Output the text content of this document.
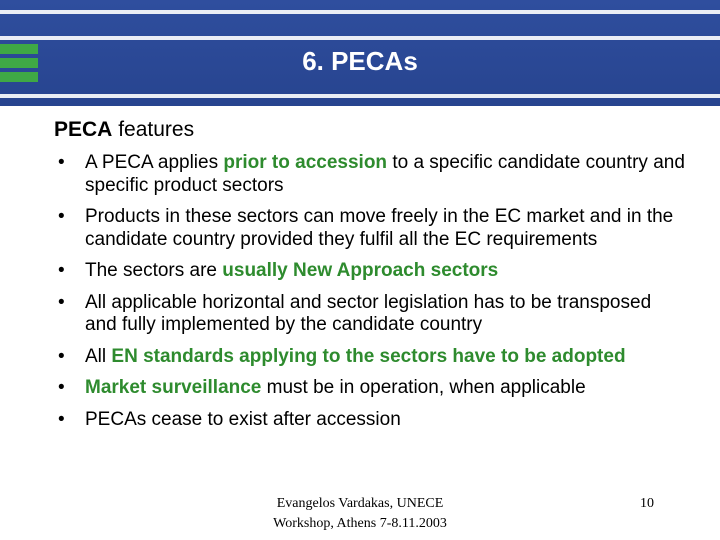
6. PECAs
PECA features
• A PECA applies prior to accession to a specific candidate country and specific product sectors
• Products in these sectors can move freely in the EC market and in the candidate country provided they fulfil all the EC requirements
• The sectors are usually New Approach sectors
• All applicable horizontal and sector legislation has to be transposed and fully implemented by the candidate country
• All EN standards applying to the sectors have to be adopted
• Market surveillance must be in operation, when applicable
• PECAs cease to exist after accession
Evangelos Vardakas, UNECE
Workshop, Athens 7-8.11.2003
10
